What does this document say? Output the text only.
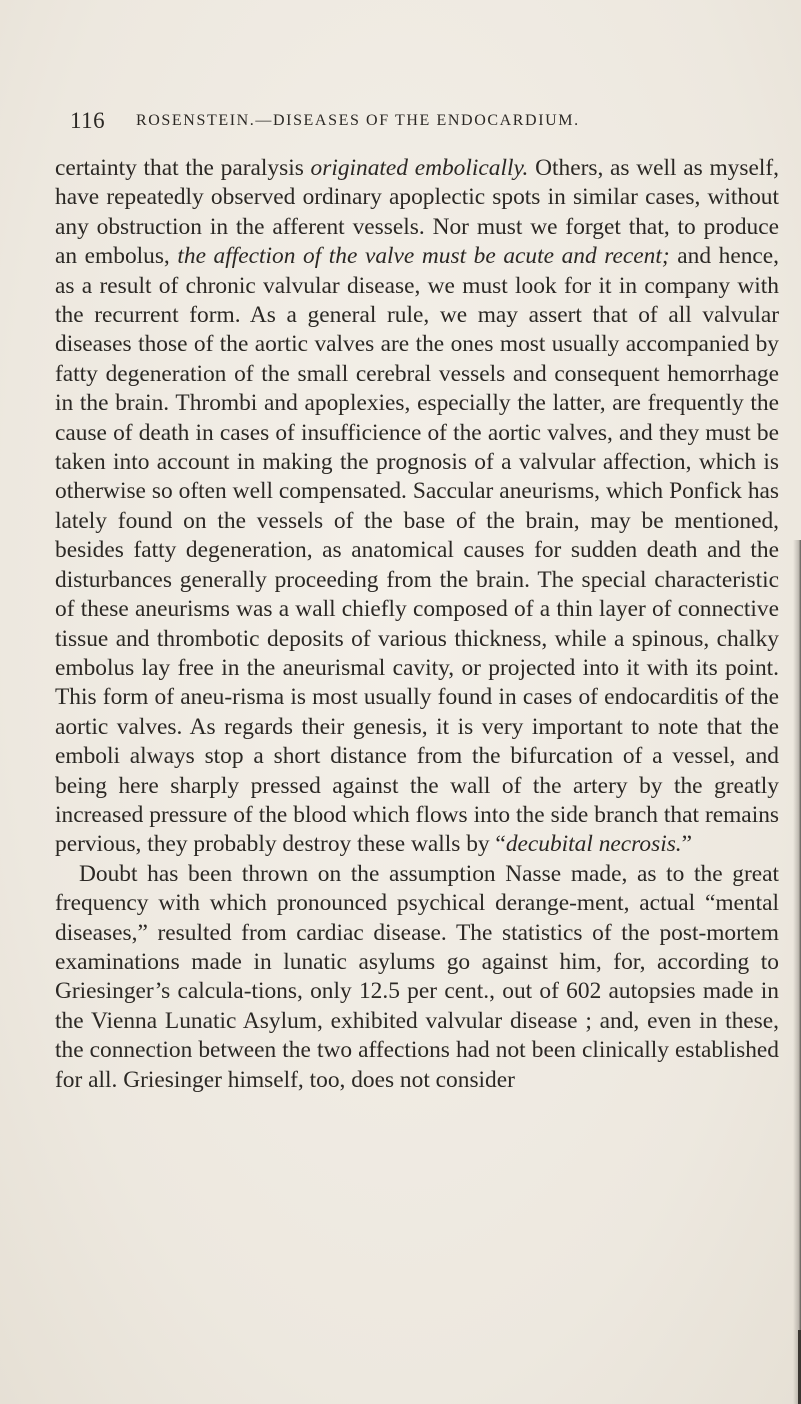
116 ROSENSTEIN.—DISEASES OF THE ENDOCARDIUM.

certainty that the paralysis originated embolically. Others, as well as myself, have repeatedly observed ordinary apoplectic spots in similar cases, without any obstruction in the afferent vessels. Nor must we forget that, to produce an embolus, the affection of the valve must be acute and recent; and hence, as a result of chronic valvular disease, we must look for it in company with the recurrent form. As a general rule, we may assert that of all valvular diseases those of the aortic valves are the ones most usually accompanied by fatty degeneration of the small cerebral vessels and consequent hemorrhage in the brain. Thrombi and apoplexies, especially the latter, are frequently the cause of death in cases of insufficience of the aortic valves, and they must be taken into account in making the prognosis of a valvular affection, which is otherwise so often well compensated. Saccular aneurisms, which Ponfick has lately found on the vessels of the base of the brain, may be mentioned, besides fatty degeneration, as anatomical causes for sudden death and the disturbances generally proceeding from the brain. The special characteristic of these aneurisms was a wall chiefly composed of a thin layer of connective tissue and thrombotic deposits of various thickness, while a spinous, chalky embolus lay free in the aneurismal cavity, or projected into it with its point. This form of aneu-risma is most usually found in cases of endocarditis of the aortic valves. As regards their genesis, it is very important to note that the emboli always stop a short distance from the bifurcation of a vessel, and being here sharply pressed against the wall of the artery by the greatly increased pressure of the blood which flows into the side branch that remains pervious, they probably destroy these walls by “decubital necrosis.”

Doubt has been thrown on the assumption Nasse made, as to the great frequency with which pronounced psychical derange-ment, actual “mental diseases,” resulted from cardiac disease. The statistics of the post-mortem examinations made in lunatic asylums go against him, for, according to Griesinger’s calcula-tions, only 12.5 per cent., out of 602 autopsies made in the Vienna Lunatic Asylum, exhibited valvular disease ; and, even in these, the connection between the two affections had not been clinically established for all. Griesinger himself, too, does not consider
